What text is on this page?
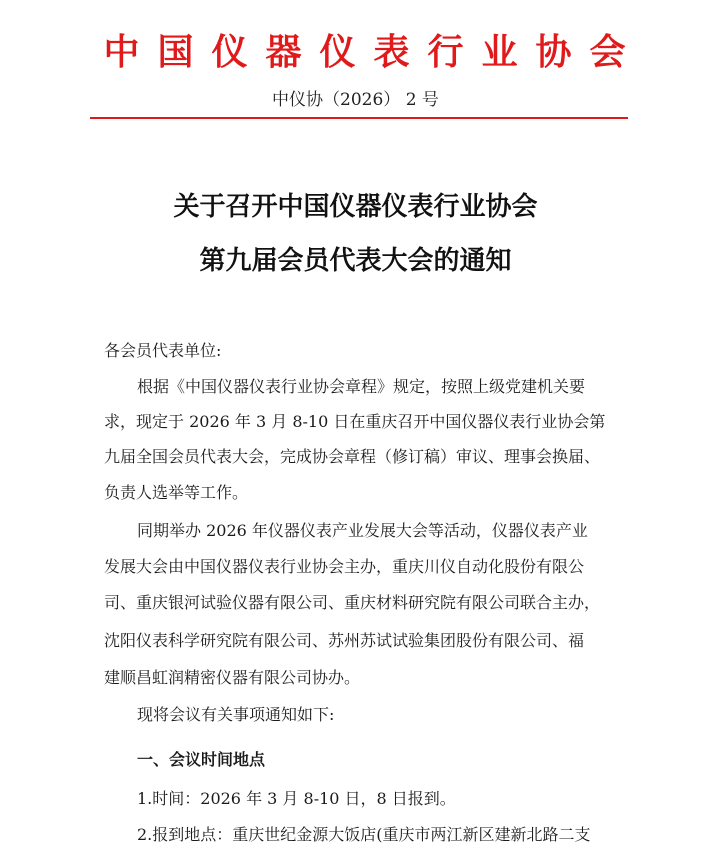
中国仪器仪表行业协会
中仪协（2026） 2 号
关于召开中国仪器仪表行业协会
第九届会员代表大会的通知
各会员代表单位:
根据《中国仪器仪表行业协会章程》规定，按照上级党建机关要
求，现定于 2026 年 3 月 8-10 日在重庆召开中国仪器仪表行业协会第
九届全国会员代表大会，完成协会章程（修订稿）审议、理事会换届、
负责人选举等工作。
同期举办 2026 年仪器仪表产业发展大会等活动，仪器仪表产业
发展大会由中国仪器仪表行业协会主办，重庆川仪自动化股份有限公
司、重庆银河试验仪器有限公司、重庆材料研究院有限公司联合主办，
沈阳仪表科学研究院有限公司、苏州苏试试验集团股份有限公司、福
建顺昌虹润精密仪器有限公司协办。
现将会议有关事项通知如下:
一、会议时间地点
1.时间：2026 年 3 月 8-10 日，8 日报到。
2.报到地点：重庆世纪金源大饭店(重庆市两江新区建新北路二支
